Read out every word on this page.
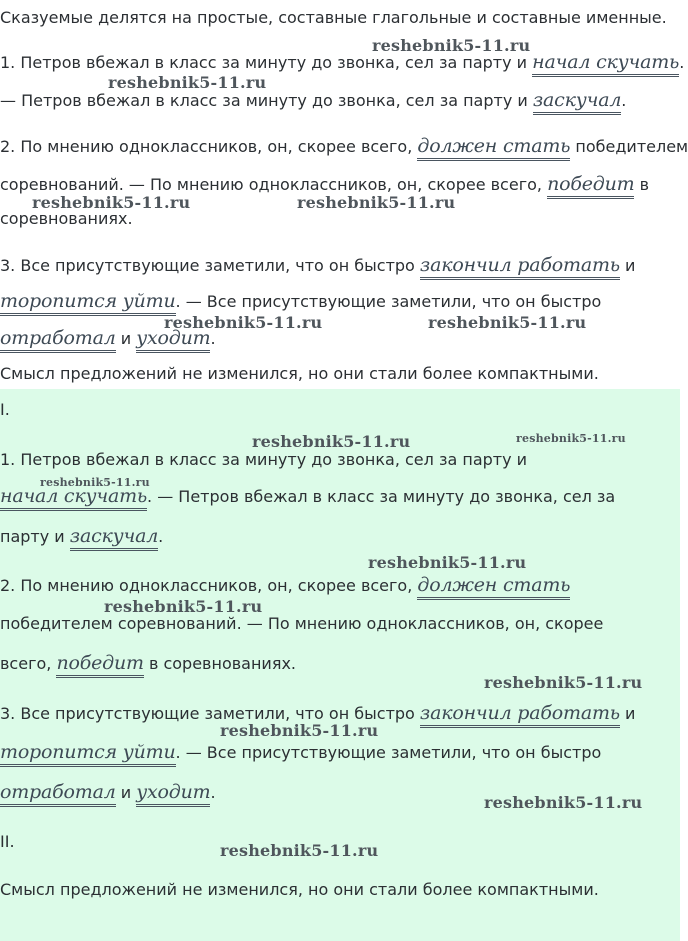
Сказуемые делятся на простые, составные глагольные и составные именные.
1. Петров вбежал в класс за минуту до звонка, сел за парту и начал скучать.
— Петров вбежал в класс за минуту до звонка, сел за парту и заскучал.
2. По мнению одноклассников, он, скорее всего, должен стать победителем
соревнований. — По мнению одноклассников, он, скорее всего, победит в
соревнованиях.
3. Все присутствующие заметили, что он быстро закончил работать и
торопится уйти. — Все присутствующие заметили, что он быстро
отработал и уходит.
Смысл предложений не изменился, но они стали более компактными.
I.
1. Петров вбежал в класс за минуту до звонка, сел за парту и
начал скучать. — Петров вбежал в класс за минуту до звонка, сел за
парту и заскучал.
2. По мнению одноклассников, он, скорее всего, должен стать
победителем соревнований. — По мнению одноклассников, он, скорее
всего, победит в соревнованиях.
3. Все присутствующие заметили, что он быстро закончил работать и
торопится уйти. — Все присутствующие заметили, что он быстро
отработал и уходит.
II.
Смысл предложений не изменился, но они стали более компактными.
reshebnik5-11.ru
reshebnik5-11.ru
reshebnik5-11.ru	reshebnik5-11.ru
reshebnik5-11.ru	reshebnik5-11.ru
reshebnik5-11.ru	reshebnik5-11.ru
reshebnik5-11.ru
reshebnik5-11.ru
reshebnik5-11.ru
reshebnik5-11.ru
reshebnik5-11.ru
reshebnik5-11.ru
reshebnik5-11.ru
